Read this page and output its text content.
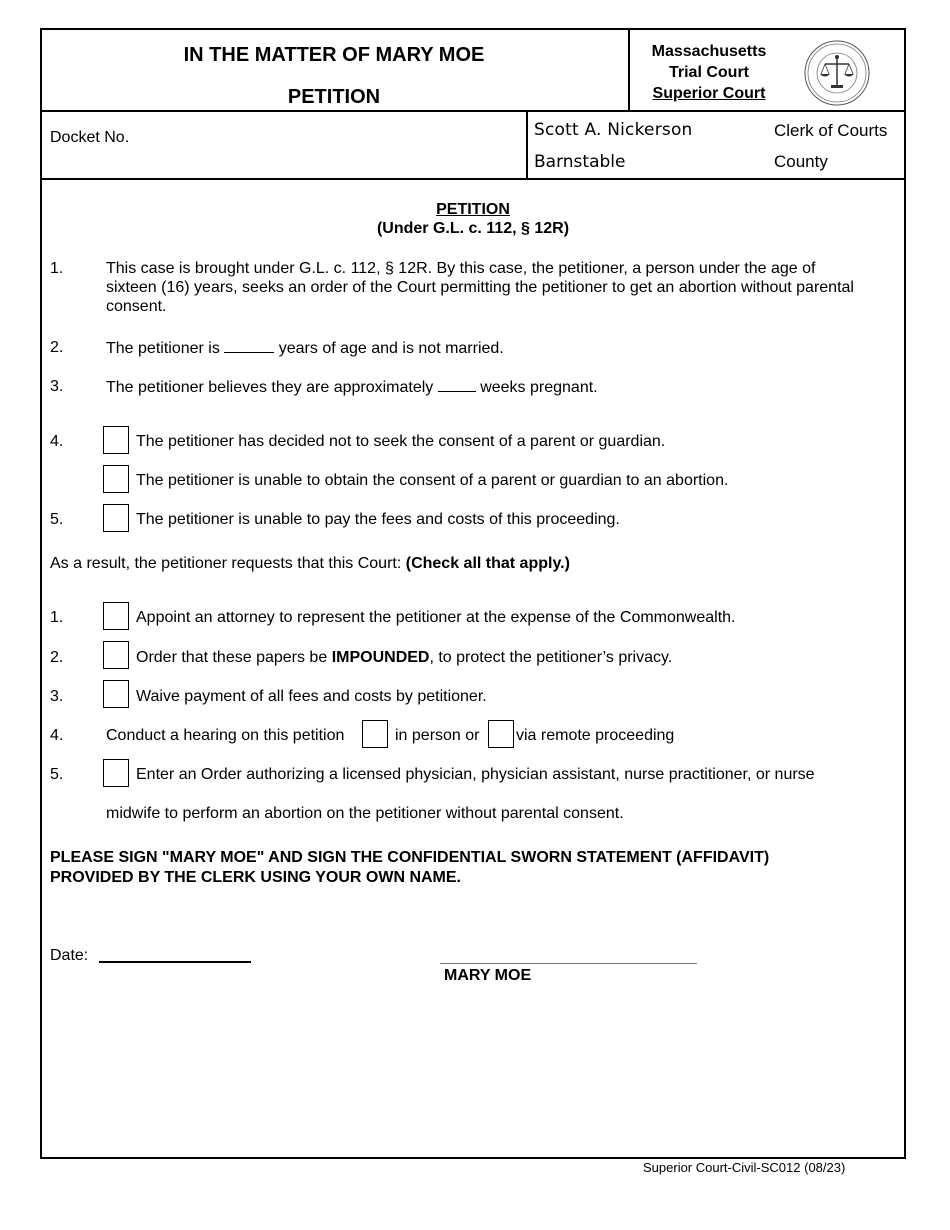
IN THE MATTER OF MARY MOE
PETITION
Massachusetts
Trial Court
Superior Court
Docket No.	Scott A. Nickerson	Clerk of Courts
Barnstable	County
PETITION
(Under G.L. c. 112, § 12R)
1.	This case is brought under G.L. c. 112, § 12R. By this case, the petitioner, a person under the age of sixteen (16) years, seeks an order of the Court permitting the petitioner to get an abortion without parental consent.
2.	The petitioner is	years of age and is not married.
3.	The petitioner believes they are approximately	weeks pregnant.
4.	The petitioner has decided not to seek the consent of a parent or guardian.
The petitioner is unable to obtain the consent of a parent or guardian to an abortion.
5.	The petitioner is unable to pay the fees and costs of this proceeding.
As a result, the petitioner requests that this Court: (Check all that apply.)
1.	Appoint an attorney to represent the petitioner at the expense of the Commonwealth.
2.	Order that these papers be IMPOUNDED, to protect the petitioner’s privacy.
3.	Waive payment of all fees and costs by petitioner.
4.	Conduct a hearing on this petition	in person or via remote proceeding
5.	Enter an Order authorizing a licensed physician, physician assistant, nurse practitioner, or nurse
midwife to perform an abortion on the petitioner without parental consent.
PLEASE SIGN "MARY MOE" AND SIGN THE CONFIDENTIAL SWORN STATEMENT (AFFIDAVIT)
PROVIDED BY THE CLERK USING YOUR OWN NAME.
Date:
MARY MOE
Superior Court-Civil-SC012 (08/23)
